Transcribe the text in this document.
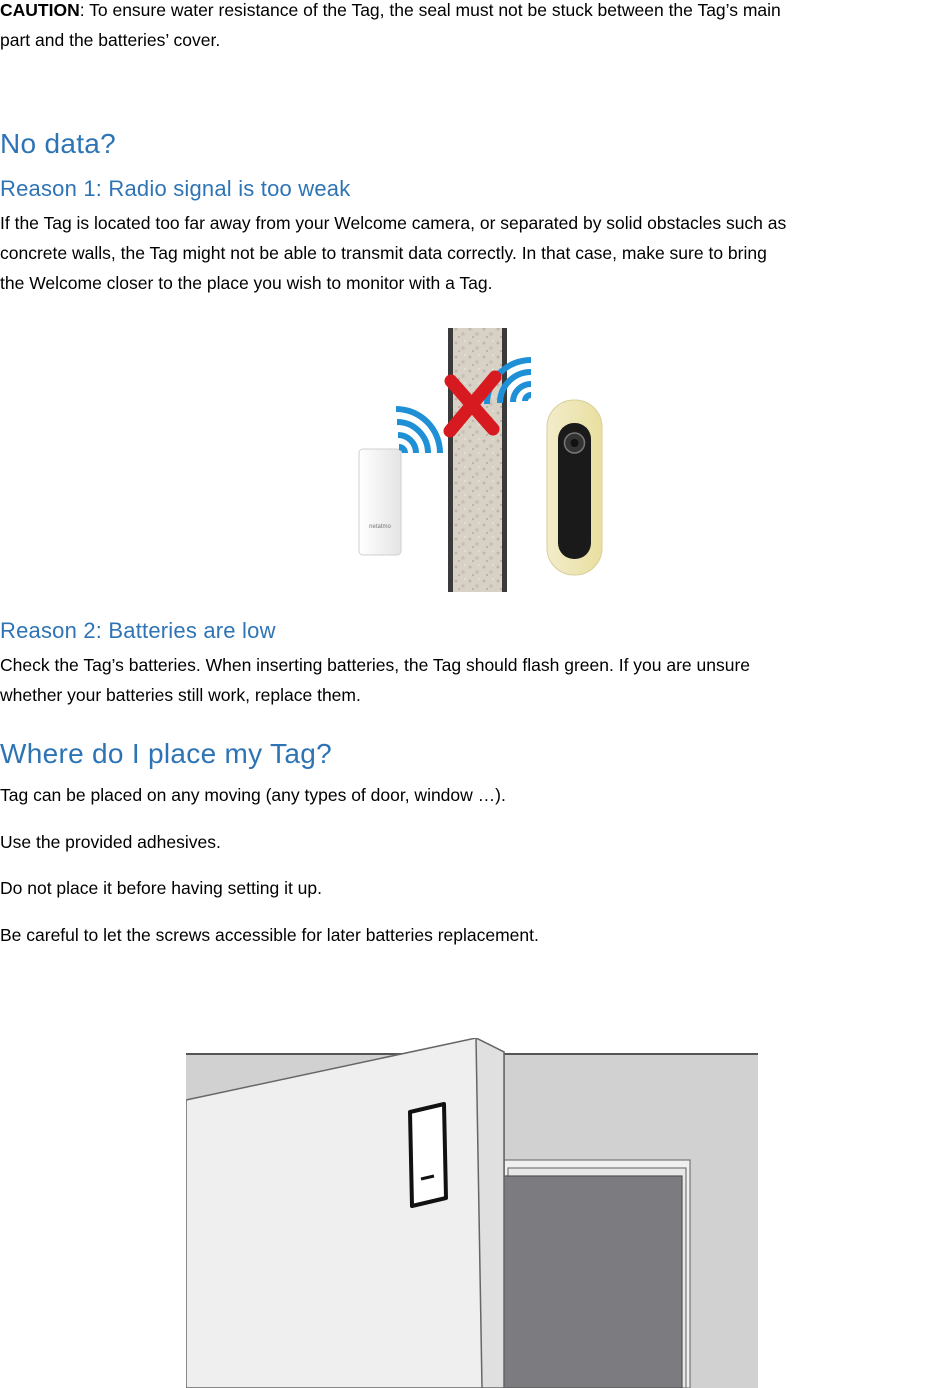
CAUTION: To ensure water resistance of the Tag, the seal must not be stuck between the Tag’s main
part and the batteries’ cover.
No data?
Reason 1: Radio signal is too weak
If the Tag is located too far away from your Welcome camera, or separated by solid obstacles such as
concrete walls, the Tag might not be able to transmit data correctly. In that case, make sure to bring
the Welcome closer to the place you wish to monitor with a Tag.
netatmo
Reason 2: Batteries are low
Check the Tag’s batteries. When inserting batteries, the Tag should flash green. If you are unsure
whether your batteries still work, replace them.
Where do I place my Tag?
Tag can be placed on any moving (any types of door, window …).
Use the provided adhesives.
Do not place it before having setting it up.
Be careful to let the screws accessible for later batteries replacement.
